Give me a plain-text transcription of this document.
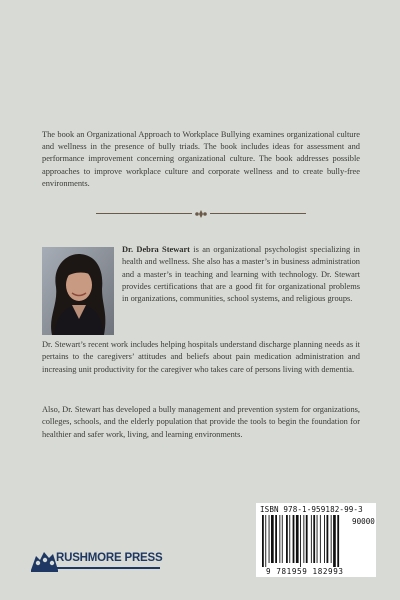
The book an Organizational Approach to Workplace Bullying examines organizational culture and wellness in the presence of bully triads. The book includes ideas for assessment and performance improvement concerning organizational culture. The book addresses possible approaches to improve workplace culture and corporate wellness and to create bully-free environments.

Dr. Debra Stewart is an organizational psychologist specializing in health and wellness. She also has a master’s in business administration and a master’s in teaching and learning with technology. Dr. Stewart provides certifications that are a good fit for organizational problems in organizations, communities, school systems, and religious groups.

Dr. Stewart’s recent work includes helping hospitals understand discharge planning needs as it pertains to the caregivers’ attitudes and beliefs about pain medication administration and increasing unit productivity for the caregiver who takes care of persons living with dementia.

Also, Dr. Stewart has developed a bully management and prevention system for organizations, colleges, schools, and the elderly population that provide the tools to begin the foundation for healthier and safer work, living, and learning environments.

RUSHMORE PRESS
ISBN 978-1-959182-99-3
90000
9 781959 182993
